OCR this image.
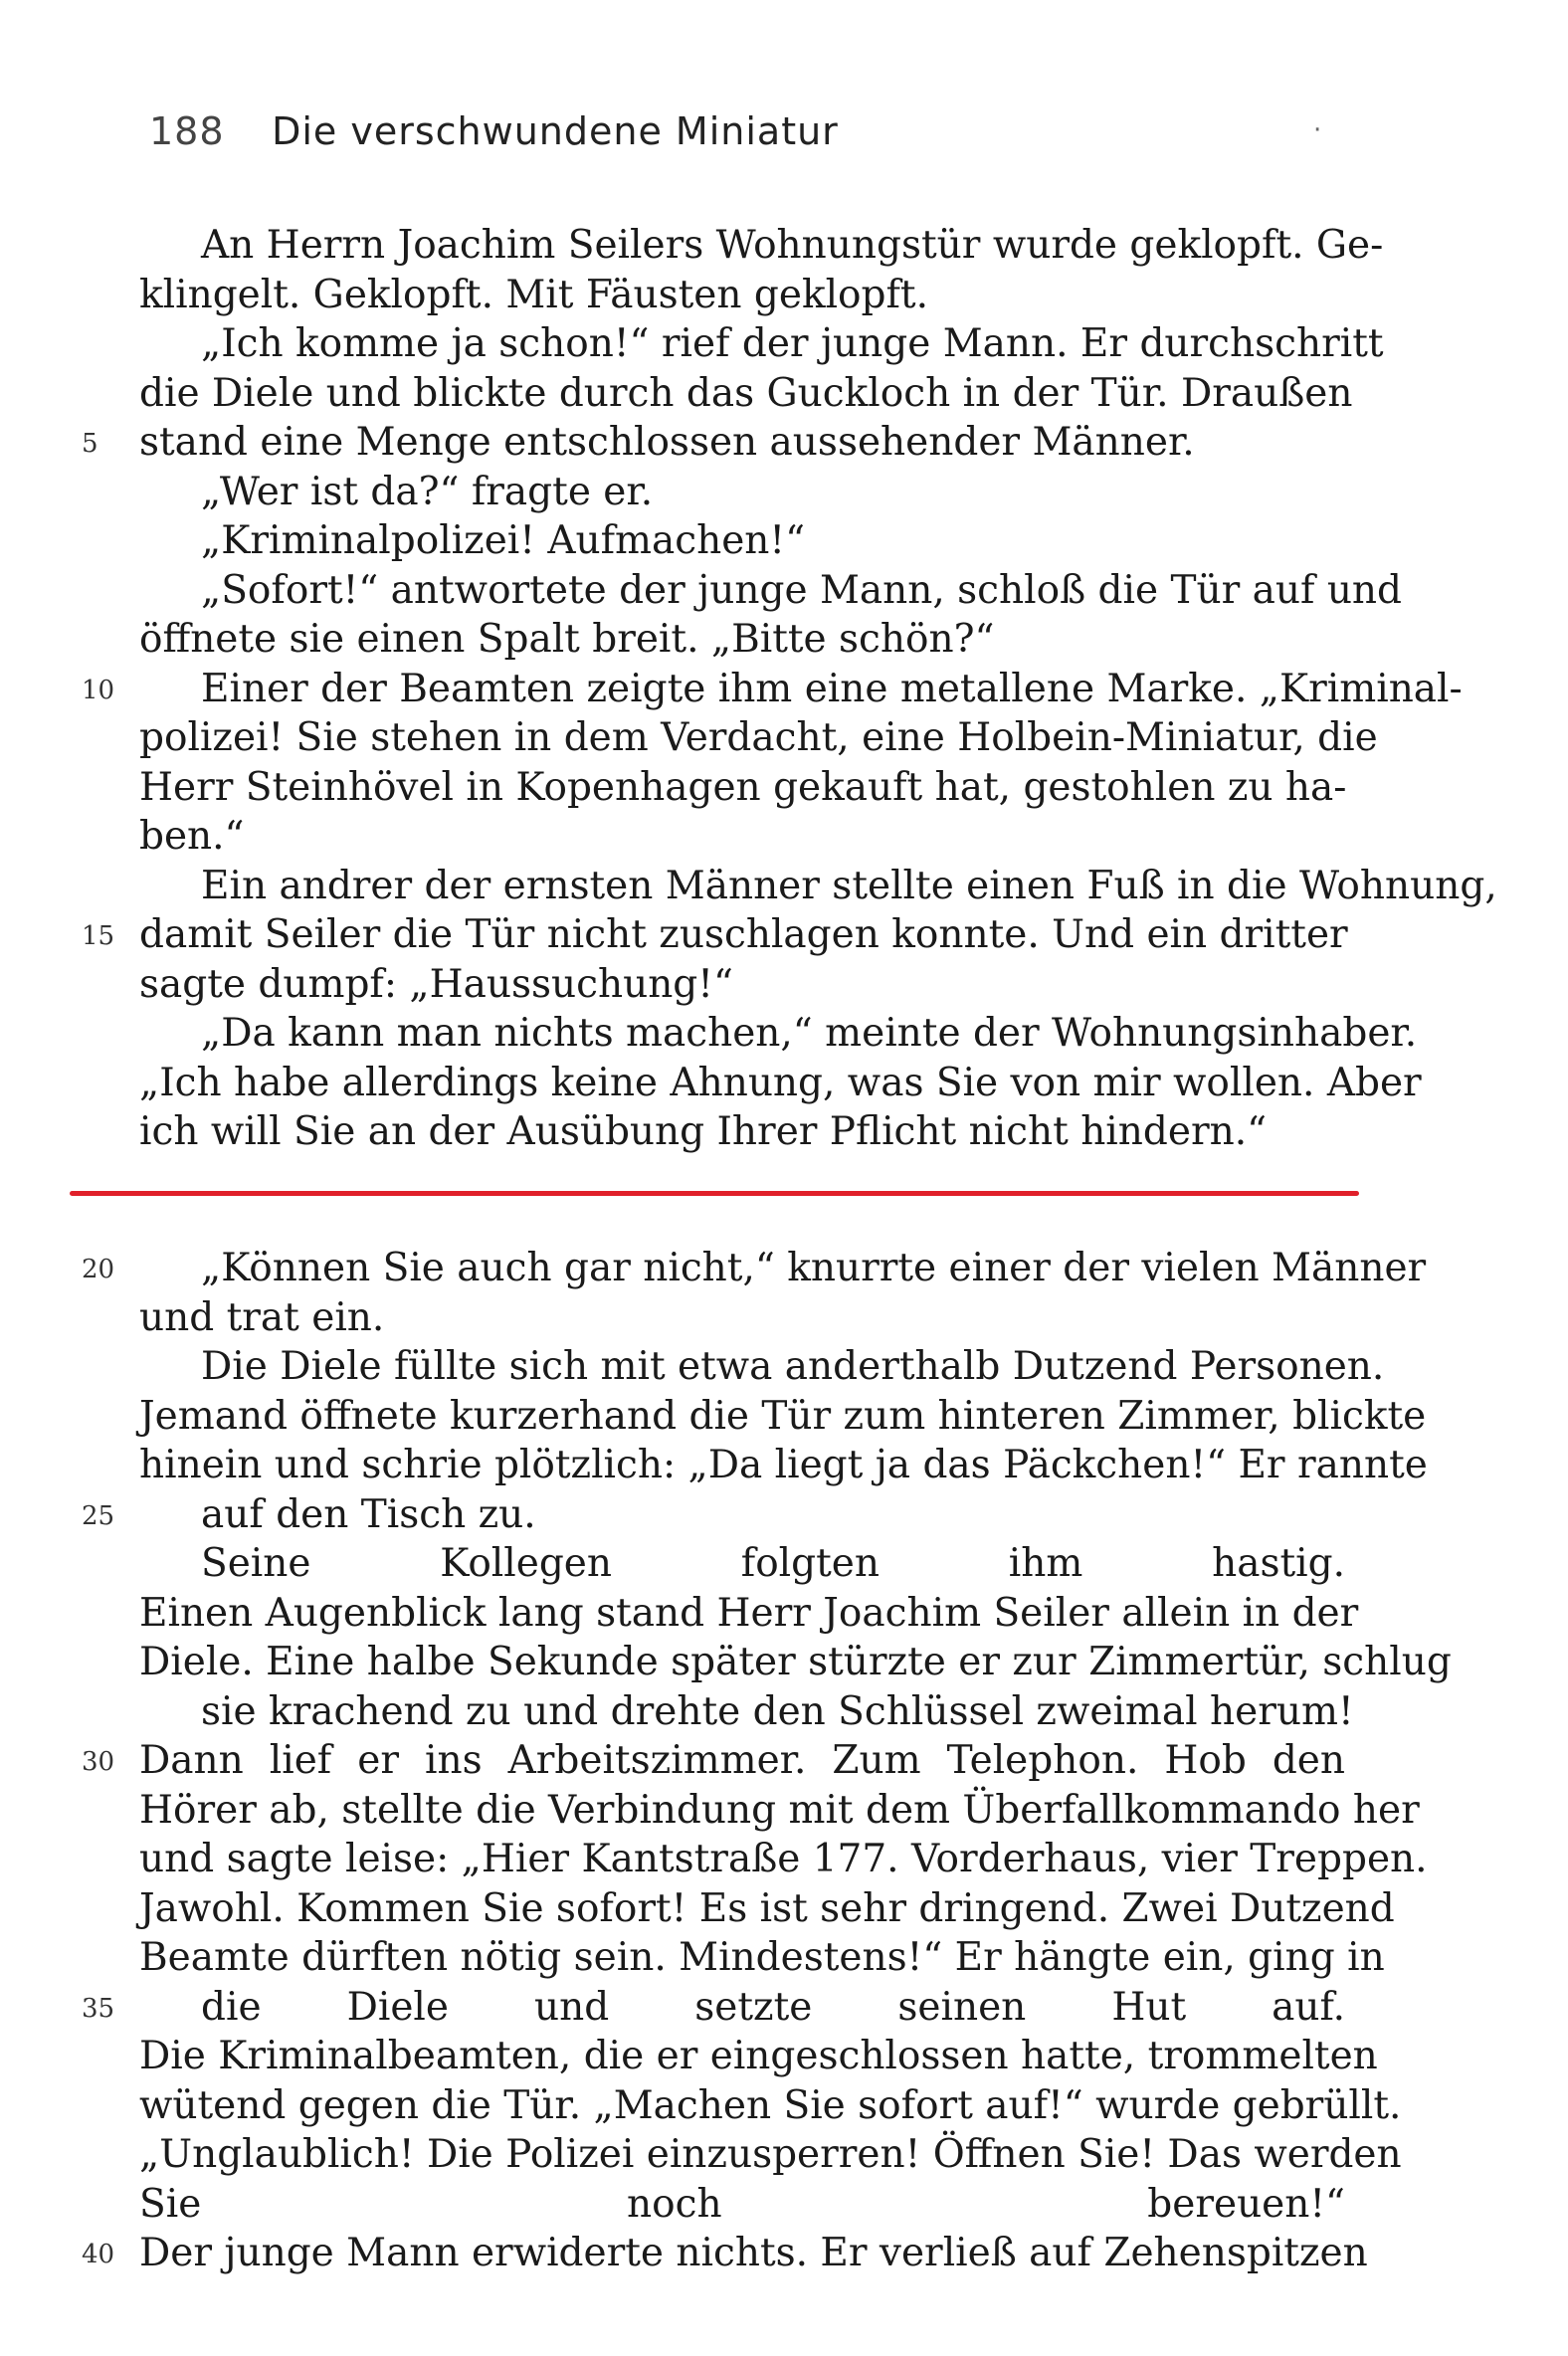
188 Die verschwundene Miniatur	·
An Herrn Joachim Seilers Wohnungstür wurde geklopft. Ge-
klingelt. Geklopft. Mit Fäusten geklopft.
„Ich komme ja schon!“ rief der junge Mann. Er durchschritt
die Diele und blickte durch das Guckloch in der Tür. Draußen
5 stand eine Menge entschlossen aussehender Männer.
„Wer ist da?“ fragte er.
„Kriminalpolizei! Aufmachen!“
„Sofort!“ antwortete der junge Mann, schloß die Tür auf und
öffnete sie einen Spalt breit. „Bitte schön?“
10	Einer der Beamten zeigte ihm eine metallene Marke. „Kriminal-
polizei! Sie stehen in dem Verdacht, eine Holbein-Miniatur, die
Herr Steinhövel in Kopenhagen gekauft hat, gestohlen zu ha-
ben.“
Ein andrer der ernsten Männer stellte einen Fuß in die Wohnung,
15 damit Seiler die Tür nicht zuschlagen konnte. Und ein dritter
sagte dumpf: „Haussuchung!“
„Da kann man nichts machen,“ meinte der Wohnungsinhaber.
„Ich habe allerdings keine Ahnung, was Sie von mir wollen. Aber
ich will Sie an der Ausübung Ihrer Pflicht nicht hindern.“
20	„Können Sie auch gar nicht,“ knurrte einer der vielen Männer
und trat ein.
Die Diele füllte sich mit etwa anderthalb Dutzend Personen.
Jemand öffnete kurzerhand die Tür zum hinteren Zimmer, blickte
hinein und schrie plötzlich: „Da liegt ja das Päckchen!“ Er rannte
25	auf den Tisch zu.
Seine Kollegen folgten ihm hastig.
Einen Augenblick lang stand Herr Joachim Seiler allein in der
Diele. Eine halbe Sekunde später stürzte er zur Zimmertür, schlug
sie krachend zu und drehte den Schlüssel zweimal herum!
30 Dann lief er ins Arbeitszimmer. Zum Telephon. Hob den
Hörer ab, stellte die Verbindung mit dem Überfallkommando her
und sagte leise: „Hier Kantstraße 177. Vorderhaus, vier Treppen.
Jawohl. Kommen Sie sofort! Es ist sehr dringend. Zwei Dutzend
Beamte dürften nötig sein. Mindestens!“ Er hängte ein, ging in
35	die Diele und setzte seinen Hut auf.
Die Kriminalbeamten, die er eingeschlossen hatte, trommelten
wütend gegen die Tür. „Machen Sie sofort auf!“ wurde gebrüllt.
„Unglaublich! Die Polizei einzusperren! Öffnen Sie! Das werden
Sie noch bereuen!“
40 Der junge Mann erwiderte nichts. Er verließ auf Zehenspitzen
